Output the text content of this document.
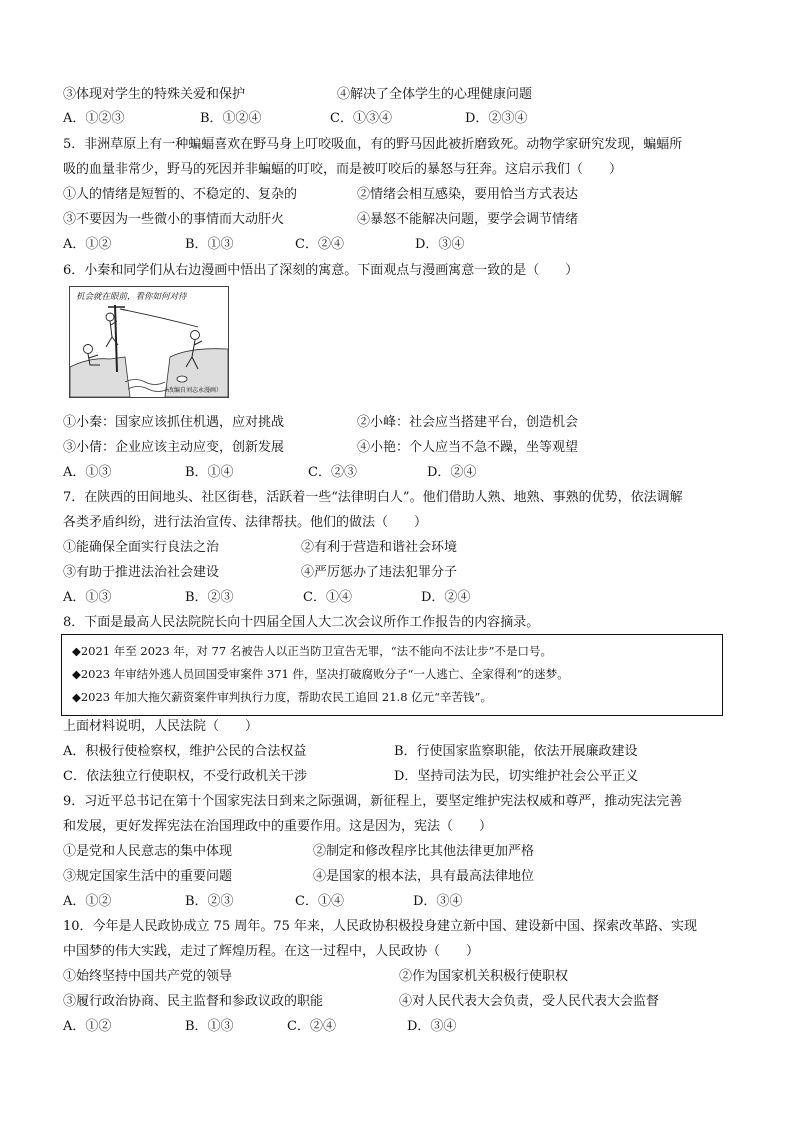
③体现对学生的特殊关爱和保护	④解决了全体学生的心理健康问题
A．①②③	B．①②④	C．①③④	D．②③④
5．非洲草原上有一种蝙蝠喜欢在野马身上叮咬吸血，有的野马因此被折磨致死。动物学家研究发现，蝙蝠所
吸的血量非常少，野马的死因并非蝙蝠的叮咬，而是被叮咬后的暴怒与狂奔。这启示我们（　　）
①人的情绪是短暂的、不稳定的、复杂的	②情绪会相互感染，要用恰当方式表达
③不要因为一些微小的事情而大动肝火	④暴怒不能解决问题，要学会调节情绪
A．①②	B．①③	C．②④	D．③④
6．小秦和同学们从右边漫画中悟出了深刻的寓意。下面观点与漫画寓意一致的是（　　）
机会就在眼前，看你如何对待
（改编自刘志永漫画）
①小秦：国家应该抓住机遇，应对挑战	②小峰：社会应当搭建平台，创造机会
③小倩：企业应该主动应变，创新发展	④小艳：个人应当不急不躁，坐等观望
A．①③	B．①④	C．②③	D．②④
7．在陕西的田间地头、社区街巷，活跃着一些“法律明白人”。他们借助人熟、地熟、事熟的优势，依法调解
各类矛盾纠纷，进行法治宣传、法律帮扶。他们的做法（　　）
①能确保全面实行良法之治	②有利于营造和谐社会环境
③有助于推进法治社会建设	④严厉惩办了违法犯罪分子
A．①③	B．②③	C．①④	D．②④
8．下面是最高人民法院院长向十四届全国人大二次会议所作工作报告的内容摘录。
◆2021 年至 2023 年，对 77 名被告人以正当防卫宣告无罪，“法不能向不法让步”不是口号。
◆2023 年审结外逃人员回国受审案件 371 件，坚决打破腐败分子“一人逃亡、全家得利”的迷梦。
◆2023 年加大拖欠薪资案件审判执行力度，帮助农民工追回 21.8 亿元“辛苦钱”。
上面材料说明，人民法院（　　）
A．积极行使检察权，维护公民的合法权益	B．行使国家监察职能，依法开展廉政建设
C．依法独立行使职权，不受行政机关干涉	D．坚持司法为民，切实维护社会公平正义
9．习近平总书记在第十个国家宪法日到来之际强调，新征程上，要坚定维护宪法权威和尊严，推动宪法完善
和发展，更好发挥宪法在治国理政中的重要作用。这是因为，宪法（　　）
①是党和人民意志的集中体现	②制定和修改程序比其他法律更加严格
③规定国家生活中的重要问题	④是国家的根本法，具有最高法律地位
A．①②	B．②③	C．①④	D．③④
10．今年是人民政协成立 75 周年。75 年来，人民政协积极投身建立新中国、建设新中国、探索改革路、实现
中国梦的伟大实践，走过了辉煌历程。在这一过程中，人民政协（　　）
①始终坚持中国共产党的领导	②作为国家机关积极行使职权
③履行政治协商、民主监督和参政议政的职能	④对人民代表大会负责，受人民代表大会监督
A．①②	B．①③	C．②④	D．③④
